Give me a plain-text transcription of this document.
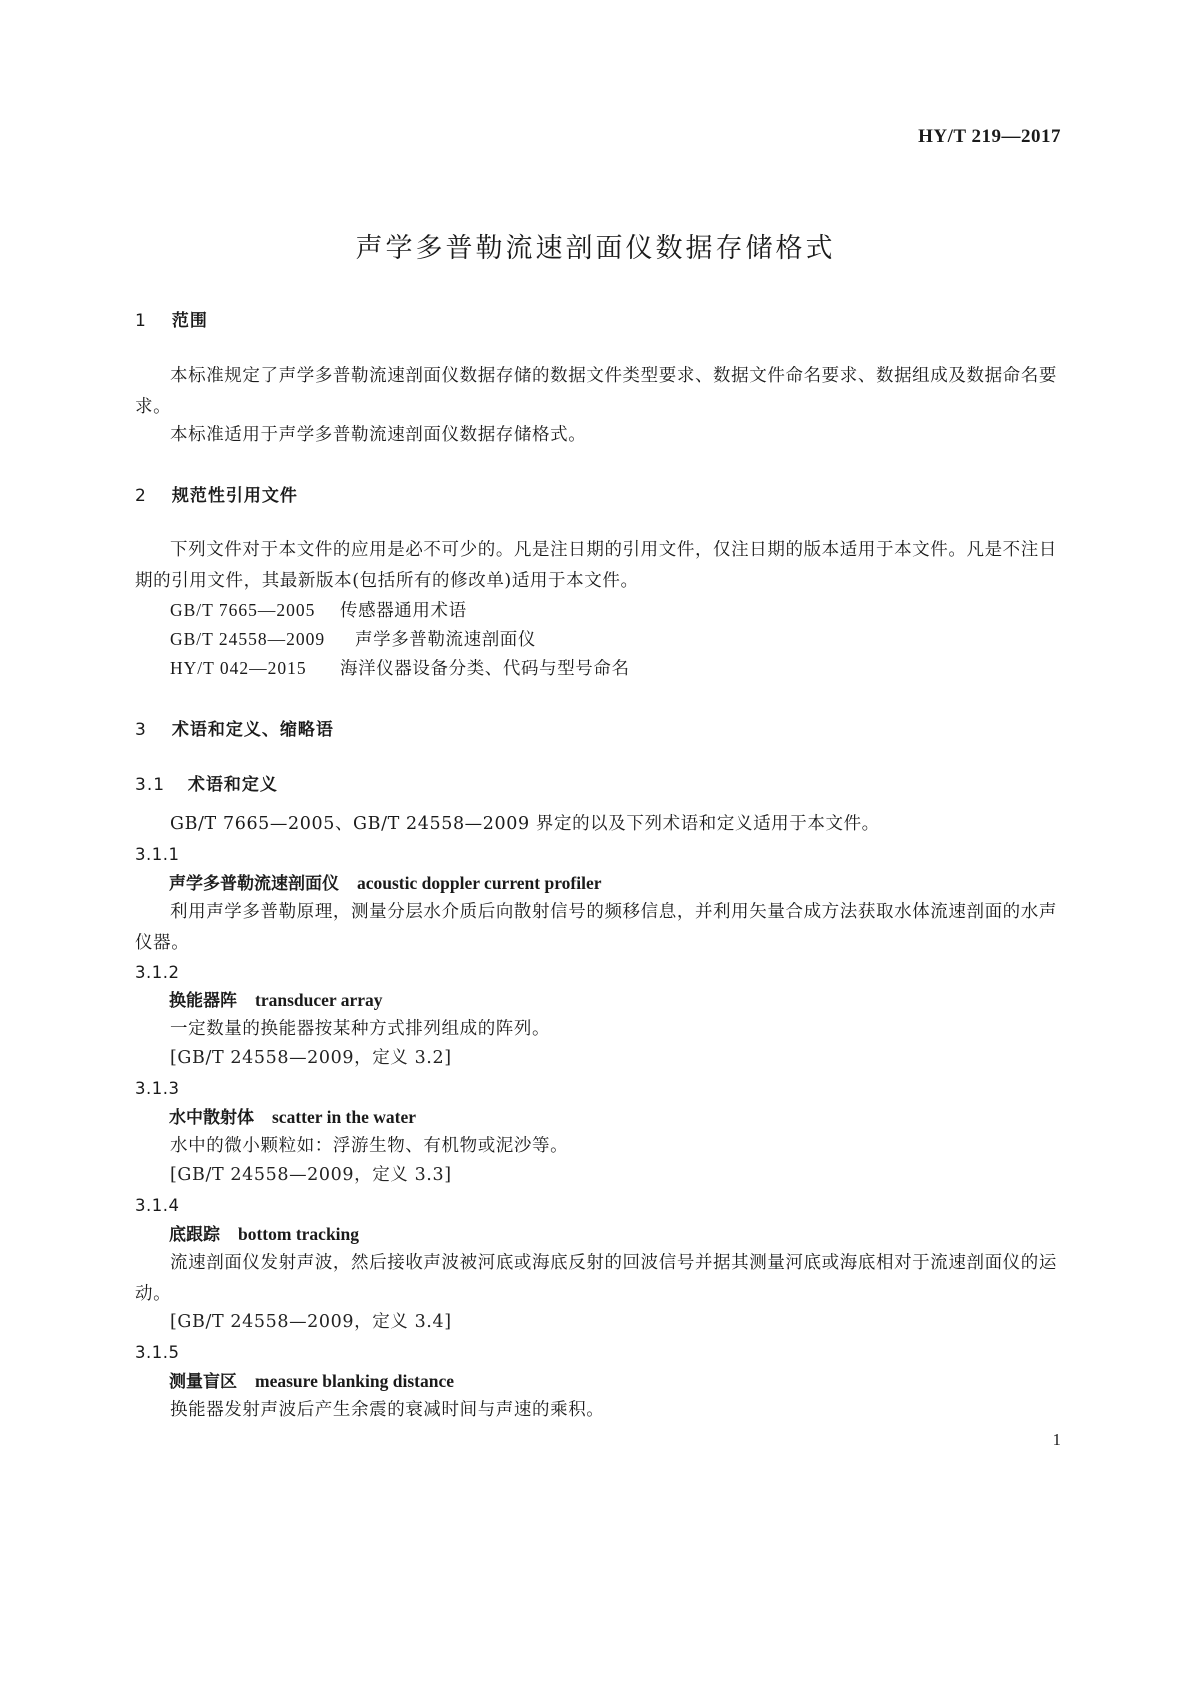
HY/T 219—2017
声学多普勒流速剖面仪数据存储格式
1 范围
本标准规定了声学多普勒流速剖面仪数据存储的数据文件类型要求、数据文件命名要求、数据组成及数据命名要求。
本标准适用于声学多普勒流速剖面仪数据存储格式。
2 规范性引用文件
下列文件对于本文件的应用是必不可少的。凡是注日期的引用文件，仅注日期的版本适用于本文件。凡是不注日期的引用文件，其最新版本(包括所有的修改单)适用于本文件。
GB/T 7665—2005 传感器通用术语
GB/T 24558—2009 声学多普勒流速剖面仪
HY/T 042—2015 海洋仪器设备分类、代码与型号命名
3 术语和定义、缩略语
3.1 术语和定义
GB/T 7665—2005、GB/T 24558—2009 界定的以及下列术语和定义适用于本文件。
3.1.1
声学多普勒流速剖面仪 acoustic doppler current profiler
利用声学多普勒原理，测量分层水介质后向散射信号的频移信息，并利用矢量合成方法获取水体流速剖面的水声仪器。
3.1.2
换能器阵 transducer array
一定数量的换能器按某种方式排列组成的阵列。
[GB/T 24558—2009，定义 3.2]
3.1.3
水中散射体 scatter in the water
水中的微小颗粒如：浮游生物、有机物或泥沙等。
[GB/T 24558—2009，定义 3.3]
3.1.4
底跟踪 bottom tracking
流速剖面仪发射声波，然后接收声波被河底或海底反射的回波信号并据其测量河底或海底相对于流速剖面仪的运动。
[GB/T 24558—2009，定义 3.4]
3.1.5
测量盲区 measure blanking distance
换能器发射声波后产生余震的衰减时间与声速的乘积。
1
